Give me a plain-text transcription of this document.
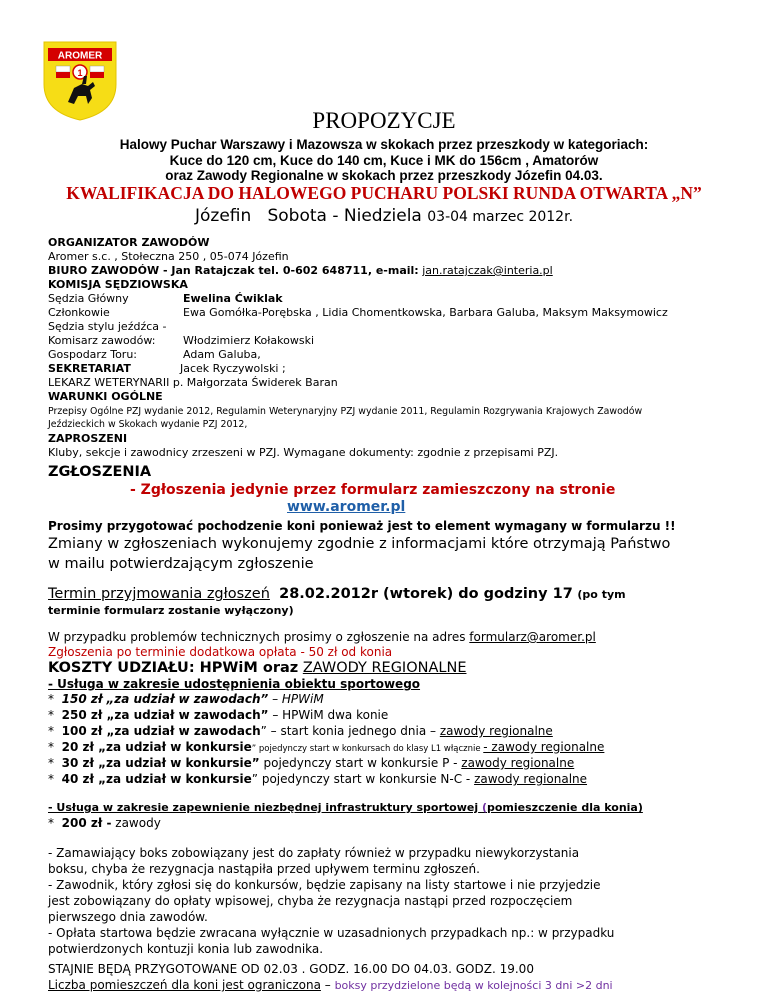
AROMER
1
PROPOZYCJE
Halowy Puchar Warszawy i Mazowsza w skokach przez przeszkody w kategoriach:
Kuce do 120 cm, Kuce do 140 cm, Kuce i MK do 156cm , Amatorów
oraz Zawody Regionalne w skokach przez przeszkody Józefin 04.03.
KWALIFIKACJA DO HALOWEGO PUCHARU POLSKI RUNDA OTWARTA „N”
Józefin Sobota - Niedziela 03-04 marzec 2012r.
ORGANIZATOR ZAWODÓW
Aromer s.c. , Stołeczna 250 , 05-074 Józefin
BIURO ZAWODÓW - Jan Ratajczak tel. 0-602 648711, e-mail: jan.ratajczak@interia.pl
KOMISJA SĘDZIOWSKA
Sędzia Główny	Ewelina Ćwiklak
Członkowie	Ewa Gomółka-Porębska , Lidia Chomentkowska, Barbara Galuba, Maksym Maksymowicz
Sędzia stylu jeźdźca -
Komisarz zawodów:	Włodzimierz Kołakowski
Gospodarz Toru:	Adam Galuba,
SEKRETARIAT	Jacek Ryczywolski ;
LEKARZ WETERYNARII p. Małgorzata Świderek Baran
WARUNKI OGÓLNE
Przepisy Ogólne PZJ wydanie 2012, Regulamin Weterynaryjny PZJ wydanie 2011, Regulamin Rozgrywania Krajowych Zawodów
Jeździeckich w Skokach wydanie PZJ 2012,
ZAPROSZENI
Kluby, sekcje i zawodnicy zrzeszeni w PZJ. Wymagane dokumenty: zgodnie z przepisami PZJ.
ZGŁOSZENIA
- Zgłoszenia jedynie przez formularz zamieszczony na stronie
www.aromer.pl
Prosimy przygotować pochodzenie koni ponieważ jest to element wymagany w formularzu !!
Zmiany w zgłoszeniach wykonujemy zgodnie z informacjami które otrzymają Państwo
w mailu potwierdzającym zgłoszenie
Termin przyjmowania zgłoszeń 28.02.2012r (wtorek) do godziny 17 (po tym
terminie formularz zostanie wyłączony)
W przypadku problemów technicznych prosimy o zgłoszenie na adres formularz@aromer.pl
Zgłoszenia po terminie dodatkowa opłata - 50 zł od konia
KOSZTY UDZIAŁU: HPWiM oraz ZAWODY REGIONALNE
- Usługa w zakresie udostępnienia obiektu sportowego
* 150 zł „za udział w zawodach” – HPWiM
* 250 zł „za udział w zawodach” – HPWiM dwa konie
* 100 zł „za udział w zawodach” – start konia jednego dnia – zawody regionalne
* 20 zł „za udział w konkursie” pojedynczy start w konkursach do klasy L1 włącznie - zawody regionalne
* 30 zł „za udział w konkursie” pojedynczy start w konkursie P - zawody regionalne
* 40 zł „za udział w konkursie” pojedynczy start w konkursie N-C - zawody regionalne
- Usługa w zakresie zapewnienie niezbędnej infrastruktury sportowej (pomieszczenie dla konia)
* 200 zł - zawody
- Zamawiający boks zobowiązany jest do zapłaty również w przypadku niewykorzystania
boksu, chyba że rezygnacja nastąpiła przed upływem terminu zgłoszeń.
- Zawodnik, który zgłosi się do konkursów, będzie zapisany na listy startowe i nie przyjedzie
jest zobowiązany do opłaty wpisowej, chyba że rezygnacja nastąpi przed rozpoczęciem
pierwszego dnia zawodów.
- Opłata startowa będzie zwracana wyłącznie w uzasadnionych przypadkach np.: w przypadku
potwierdzonych kontuzji konia lub zawodnika.
STAJNIE BĘDĄ PRZYGOTOWANE OD 02.03 . GODZ. 16.00 DO 04.03. GODZ. 19.00
Liczba pomieszczeń dla koni jest ograniczona – boksy przydzielone będą w kolejności 3 dni >2 dni
